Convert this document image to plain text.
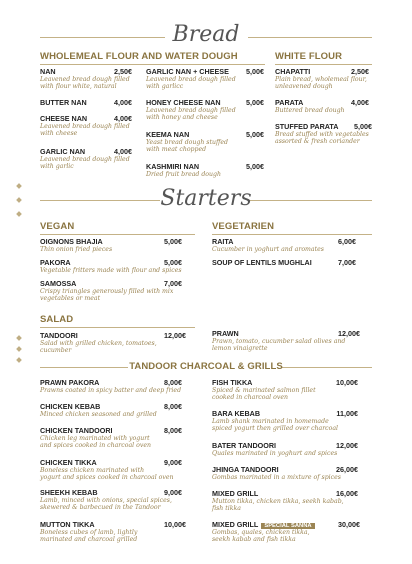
Bread
WHOLEMEAL FLOUR AND WATER DOUGH	WHITE FLOUR
NAN	2,50€
Leavened bread dough filled
with flour white, natural
BUTTER NAN	4,00€
CHEESE NAN	4,00€
Leavened bread dough filled
with cheese
GARLIC NAN	4,00€
Leavened bread dough filled
with garlic
GARLIC NAN + CHEESE 5,00€
Leavened bread dough filled
with garlicc
HONEY CHEESE NAN	5,00€
Leavened bread dough filled
with honey and cheese
KEEMA NAN	5,00€
Yeast bread dough stuffed
with meat chopped
KASHMIRI NAN	5,00€
Dried fruit bread dough
CHAPATTI	2,50€
Plain bread, wholemeal flour,
unleavened dough
PARATA	4,00€
Buttered bread dough
STUFFED PARATA 5,00€
Bread stuffed with vegetables
assorted & fresh coriander
Starters
VEGAN	VEGETARIEN
OIGNONS BHAJIA	5,00€
Thin onion fried pieces
PAKORA	5,00€
Vegetable fritters made with flour and spices
SAMOSSA	7,00€
Crispy triangles generously filled with mix
vegetables or meat
RAITA	6,00€
Cucumber in yoghurt and aromates
SOUP OF LENTILS MUGHLAI	7,00€
SALAD
TANDOORI	12,00€
Salad with grilled chicken, tomatoes,
cucumber
PRAWN	12,00€
Prawn, tomato, cucumber salad olives and
lemon vinaigrette
TANDOOR CHARCOAL & GRILLS
PRAWN PAKORA	8,00€
Prawns coated in spicy batter and deep fried
CHICKEN KEBAB	8,00€
Minced chicken seasoned and grilled
CHICKEN TANDOORI	8,00€
Chicken leg marinated with yogurt
and spices cooked in charcoal oven
CHICKEN TIKKA	9,00€
Boneless chicken marinated with
yogurt and spices cooked in charcoal oven
SHEEKH KEBAB	9,00€
Lamb, minced with onions, special spices,
skewered & barbecued in the Tandoor
MUTTON TIKKA	10,00€
Boneless cubes of lamb, lightly
marinated and charcoal grilled
FISH TIKKA	10,00€
Spiced & marinated salmon fillet
cooked in charcoal oven
BARA KEBAB	11,00€
Lamb shank marinated in homemade
spiced yogurt then grilled over charcoal
BATER TANDOORI	12,00€
Quales marinated in yoghurt and spices
JHINGA TANDOORI	26,00€
Gombas marinated in a mixture of spices
MIXED GRILL	16,00€
Mutton tikka, chicken tikka, seekh kabab,
fish tikka
MIXED GRILL SPECIAL SANNA	30,00€
Gombas, quales, chicken tikka,
seekh kabab and fish tikka
